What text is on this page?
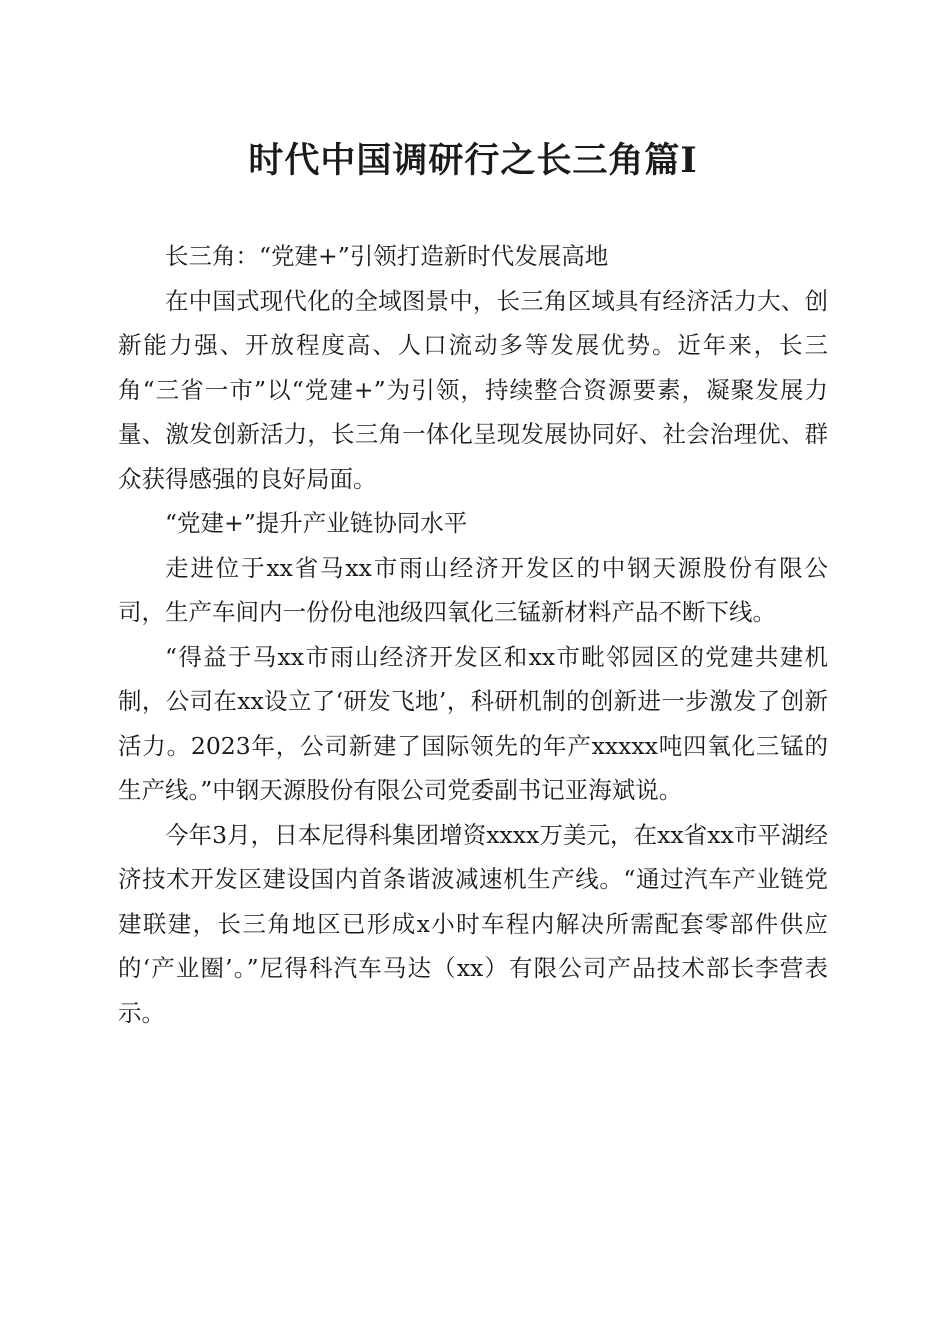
时代中国调研行之长三角篇Ⅰ

长三角：“党建+”引领打造新时代发展高地

在中国式现代化的全域图景中，长三角区域具有经济活力大、创新能力强、开放程度高、人口流动多等发展优势。近年来，长三角“三省一市”以“党建+”为引领，持续整合资源要素，凝聚发展力量、激发创新活力，长三角一体化呈现发展协同好、社会治理优、群众获得感强的良好局面。

“党建+”提升产业链协同水平

走进位于xx省马xx市雨山经济开发区的中钢天源股份有限公司，生产车间内一份份电池级四氧化三锰新材料产品不断下线。

“得益于马xx市雨山经济开发区和xx市毗邻园区的党建共建机制，公司在xx设立了‘研发飞地’，科研机制的创新进一步激发了创新活力。2023年，公司新建了国际领先的年产xxxxx吨四氧化三锰的生产线。”中钢天源股份有限公司党委副书记亚海斌说。

今年3月，日本尼得科集团增资xxxx万美元，在xx省xx市平湖经济技术开发区建设国内首条谐波减速机生产线。“通过汽车产业链党建联建，长三角地区已形成x小时车程内解决所需配套零部件供应的‘产业圈’。”尼得科汽车马达（xx）有限公司产品技术部长李营表示。
